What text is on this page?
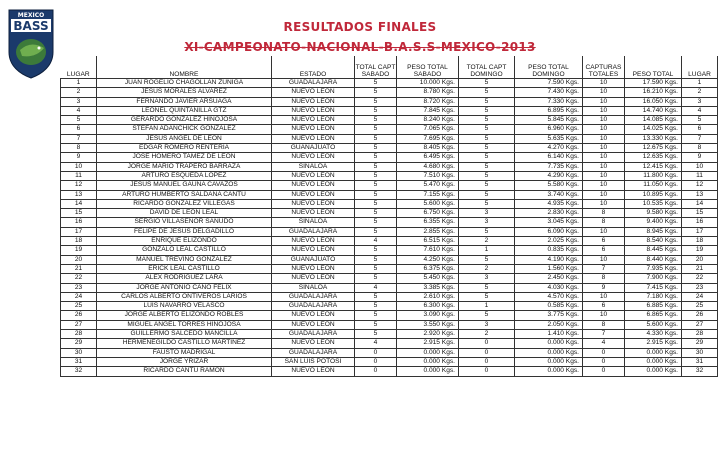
MEXICO
BASS	RESULTADOS FINALES
XI-CAMPEONATO-NACIONAL-B.A.S.S-MEXICO-2013
LUGAR	NOMBRE	ESTADO	TOTAL CAPT SABADO	PESO TOTAL SABADO	TOTAL CAPT DOMINGO	PESO TOTAL DOMINGO	CAPTURAS TOTALES	PESO TOTAL	LUGAR
1	JUAN ROGELIO CHAGOLLAN ZUÑIGA	GUADALAJARA	5	10.000 Kgs.	5	7.590 Kgs.	10	17.590 Kgs.	1
2	JESUS MORALES ALVAREZ	NUEVO LEON	5	8.780 Kgs.	5	7.430 Kgs.	10	16.210 Kgs.	2
3	FERNANDO JAVIER ARSUAGA	NUEVO LEON	5	8.720 Kgs.	5	7.330 Kgs.	10	16.050 Kgs.	3
4	LEONEL QUINTANILLA GTZ	NUEVO LEON	5	7.845 Kgs.	5	6.895 Kgs.	10	14.740 Kgs.	4
5	GERARDO GONZALEZ HINOJOSA	NUEVO LEON	5	8.240 Kgs.	5	5.845 Kgs.	10	14.085 Kgs.	5
6	STEFAN ADANCHICK GONZALEZ	NUEVO LEON	5	7.065 Kgs.	5	6.960 Kgs.	10	14.025 Kgs.	6
7	JESUS ANGEL DE LEON	NUEVO LEON	5	7.695 Kgs.	5	5.635 Kgs.	10	13.330 Kgs.	7
8	EDGAR ROMERO RENTERIA	GUANAJUATO	5	8.405 Kgs.	5	4.270 Kgs.	10	12.675 Kgs.	8
9	JOSE HOMERO TAMEZ DE LEON	NUEVO LEON	5	6.495 Kgs.	5	6.140 Kgs.	10	12.635 Kgs.	9
10	JORGE MARIO TRAPERO BARRAZA	SINALOA	5	4.680 Kgs.	5	7.735 Kgs.	10	12.415 Kgs.	10
11	ARTURO ESQUEDA LOPEZ	NUEVO LEON	5	7.510 Kgs.	5	4.290 Kgs.	10	11.800 Kgs.	11
12	JESUS MANUEL GAUNA CAVAZOS	NUEVO LEON	5	5.470 Kgs.	5	5.580 Kgs.	10	11.050 Kgs.	12
13	ARTURO HUMBERTO SALDAÑA CANTU	NUEVO LEON	5	7.155 Kgs.	5	3.740 Kgs.	10	10.895 Kgs.	13
14	RICARDO GONZALEZ VILLEGAS	NUEVO LEON	5	5.600 Kgs.	5	4.935 Kgs.	10	10.535 Kgs.	14
15	DAVID DE LEON LEAL	NUEVO LEON	5	6.750 Kgs.	3	2.830 Kgs.	8	9.580 Kgs.	15
16	SERGIO VILLASEÑOR SAÑUDO	SINALOA	5	6.355 Kgs.	3	3.045 Kgs.	8	9.400 Kgs.	16
17	FELIPE DE JESUS DELGADILLO	GUADALAJARA	5	2.855 Kgs.	5	6.090 Kgs.	10	8.945 Kgs.	17
18	ENRIQUE ELIZONDO	NUEVO LEON	4	6.515 Kgs.	2	2.025 Kgs.	6	8.540 Kgs.	18
19	GONZALO LEAL CASTILLO	NUEVO LEON	5	7.610 Kgs.	1	0.835 Kgs.	6	8.445 Kgs.	19
20	MANUEL TREVIÑO GONZALEZ	GUANAJUATO	5	4.250 Kgs.	5	4.190 Kgs.	10	8.440 Kgs.	20
21	ERICK LEAL CASTILLO	NUEVO LEON	5	6.375 Kgs.	2	1.560 Kgs.	7	7.935 Kgs.	21
22	ALEX RODRIGUEZ LARA	NUEVO LEON	5	5.450 Kgs.	3	2.450 Kgs.	8	7.900 Kgs.	22
23	JORGE ANTONIO CANO FELIX	SINALOA	4	3.385 Kgs.	5	4.030 Kgs.	9	7.415 Kgs.	23
24	CARLOS ALBERTO ONTIVEROS LARIOS	GUADALAJARA	5	2.610 Kgs.	5	4.570 Kgs.	10	7.180 Kgs.	24
25	LUIS NAVARRO VELASCO	GUADALAJARA	5	6.300 Kgs.	1	0.585 Kgs.	6	6.885 Kgs.	25
26	JORGE ALBERTO ELIZONDO ROBLES	NUEVO LEON	5	3.090 Kgs.	5	3.775 Kgs.	10	6.865 Kgs.	26
27	MIGUEL ANGEL TORRES HINOJOSA	NUEVO LEON	5	3.550 Kgs.	3	2.050 Kgs.	8	5.600 Kgs.	27
28	GUILLERMO SALCEDO MANCILLA	GUADALAJARA	5	2.920 Kgs.	2	1.410 Kgs.	7	4.330 Kgs.	28
29	HERMENEGILDO CASTILLO MARTINEZ	NUEVO LEON	4	2.915 Kgs.	0	0.000 Kgs.	4	2.915 Kgs.	29
30	FAUSTO MADRIGAL	GUADALAJARA	0	0.000 Kgs.	0	0.000 Kgs.	0	0.000 Kgs.	30
31	JORGE YRIZAR	SAN LUIS POTOSI	0	0.000 Kgs.	0	0.000 Kgs.	0	0.000 Kgs.	31
32	RICARDO CANTU RAMON	NUEVO LEON	0	0.000 Kgs.	0	0.000 Kgs.	0	0.000 Kgs.	32
